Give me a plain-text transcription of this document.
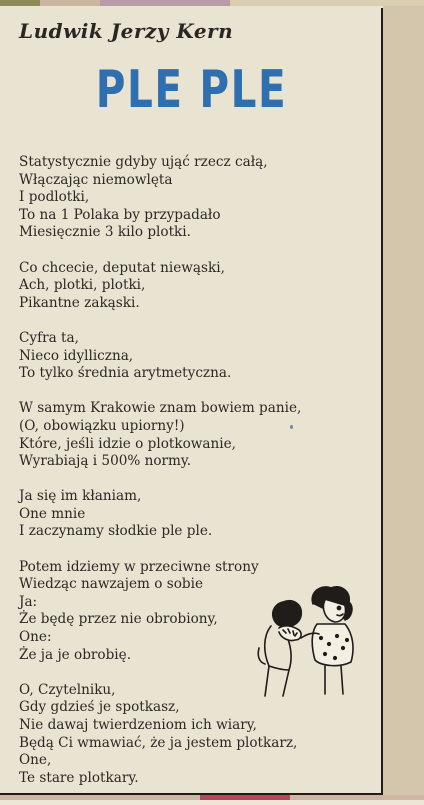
Ludwik Jerzy Kern
PLE PLE
Statystycznie gdyby ująć rzecz całą,
Włączając niemowlęta
I podlotki,
To na 1 Polaka by przypadało
Miesięcznie 3 kilo plotki.
Co chcecie, deputat niewąski,
Ach, plotki, plotki,
Pikantne zakąski.
Cyfra ta,
Nieco idylliczna,
To tylko średnia arytmetyczna.
W samym Krakowie znam bowiem panie,
(O, obowiązku upiorny!)
Które, jeśli idzie o plotkowanie,
Wyrabiają i 500% normy.
Ja się im kłaniam,
One mnie
I zaczynamy słodkie ple ple.
Potem idziemy w przeciwne strony
Wiedząc nawzajem o sobie
Ja:
Że będę przez nie obrobiony,
One:
Że ja je obrobię.
O, Czytelniku,
Gdy gdzieś je spotkasz,
Nie dawaj twierdzeniom ich wiary,
Będą Ci wmawiać, że ja jestem plotkarz,
One,
Te stare plotkary.
